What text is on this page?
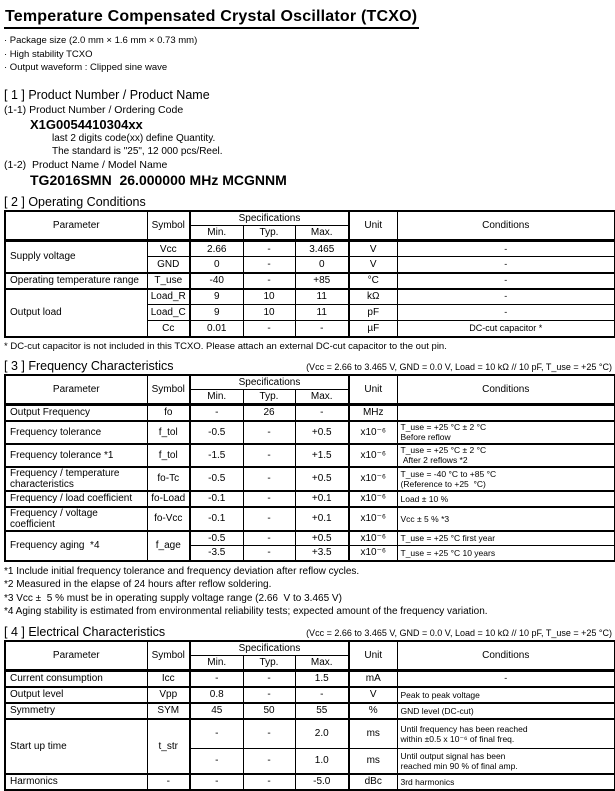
Temperature Compensated Crystal Oscillator (TCXO)
· Package size (2.0 mm × 1.6 mm × 0.73 mm)
· High stability TCXO
· Output waveform : Clipped sine wave
[ 1 ] Product Number / Product Name
(1-1) Product Number / Ordering Code
X1G0054410304xx
last 2 digits code(xx) define Quantity.
The standard is "25", 12 000 pcs/Reel.
(1-2)  Product Name / Model Name
TG2016SMN  26.000000 MHz MCGNNM
[ 2 ] Operating Conditions
Parameter	Symbol	Specifications			Unit	Conditions
		Min.	Typ.	Max.		
Supply voltage	Vcc	2.66	-	3.465	V	-
	GND	0	-	0	V	-
Operating temperature range	T_use	-40	-	+85	°C	-
Output load	Load_R	9	10	11	kΩ	-
	Load_C	9	10	11	pF	-
	Cc	0.01	-	-	µF	DC-cut capacitor *
* DC-cut capacitor is not included in this TCXO. Please attach an external DC-cut capacitor to the out pin.
[ 3 ] Frequency Characteristics	(Vcc = 2.66 to 3.465 V, GND = 0.0 V, Load = 10 kΩ // 10 pF, T_use = +25 °C)
Parameter	Symbol	Specifications			Unit	Conditions
		Min.	Typ.	Max.		
Output Frequency	fo	-	26	-	MHz	
Frequency tolerance	f_tol	-0.5	-	+0.5	x10⁻⁶	T_use = +25 °C ± 2 °C
Before reflow

Frequency tolerance *1	f_tol	-1.5	-	+1.5	x10⁻⁶	T_use = +25 °C ± 2 °C
After 2 reflows *2

Frequency / temperature characteristics	fo-Tc	-0.5	-	+0.5	x10⁻⁶	T_use = -40 °C to +85 °C
(Reference to +25  °C)

Frequency / load coefficient	fo-Load	-0.1	-	+0.1	x10⁻⁶	Load ± 10 %
Frequency / voltage coefficient	fo-Vcc	-0.1	-	+0.1	x10⁻⁶	Vcc ± 5 % *3
Frequency aging  *4	f_age	-0.5	-	+0.5	x10⁻⁶	T_use = +25 °C first year
		-3.5	-	+3.5	x10⁻⁶	T_use = +25 °C 10 years
*1 Include initial frequency tolerance and frequency deviation after reflow cycles.
*2 Measured in the elapse of 24 hours after reflow soldering.
*3 Vcc ±  5 % must be in operating supply voltage range (2.66  V to 3.465 V)
*4 Aging stability is estimated from environmental reliability tests; expected amount of the frequency variation.
[ 4 ] Electrical Characteristics	(Vcc = 2.66 to 3.465 V, GND = 0.0 V, Load = 10 kΩ // 10 pF, T_use = +25 °C)
Parameter	Symbol	Specifications			Unit	Conditions
		Min.	Typ.	Max.		
Current consumption	Icc	-	-	1.5	mA	-
Output level	Vpp	0.8	-	-	V	Peak to peak voltage
Symmetry	SYM	45	50	55	%	GND level (DC-cut)
Start up time	t_str	-	-	2.0	ms	Until frequency has been reached
within ±0.5 x 10⁻⁶ of final freq.

		-	-	1.0	ms	Until output signal has been
reached min 90 % of final amp.

Harmonics	-	-	-	-5.0	dBc	3rd harmonics
